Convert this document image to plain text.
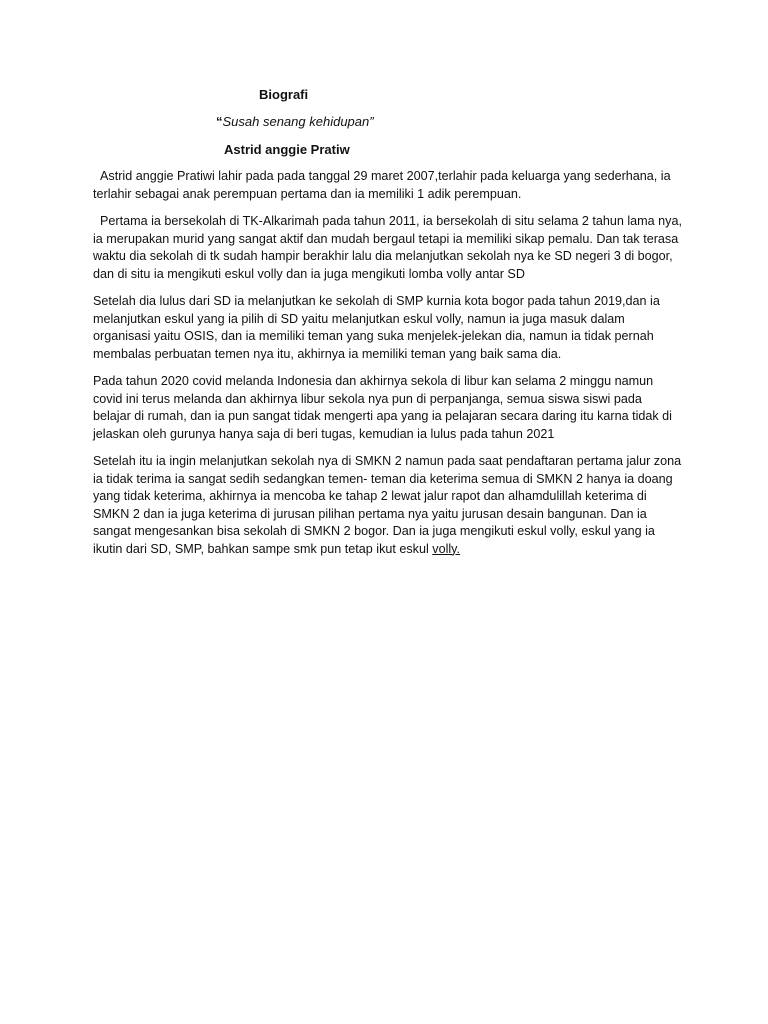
Biografi
“Susah senang kehidupan”
Astrid anggie Pratiw

Astrid anggie Pratiwi lahir pada pada tanggal 29 maret 2007,terlahir pada keluarga yang sederhana, ia terlahir sebagai anak perempuan pertama dan ia memiliki 1 adik perempuan.

Pertama ia bersekolah di TK-Alkarimah pada tahun 2011, ia bersekolah di situ selama 2 tahun lama nya, ia merupakan murid yang sangat aktif dan mudah bergaul tetapi ia memiliki sikap pemalu. Dan tak terasa waktu dia sekolah di tk sudah hampir berakhir lalu dia melanjutkan sekolah nya ke SD negeri 3 di bogor, dan di situ ia mengikuti eskul volly dan ia juga mengikuti lomba volly antar SD

Setelah dia lulus dari SD ia melanjutkan ke sekolah di SMP kurnia kota bogor pada tahun 2019,dan ia melanjutkan eskul yang ia pilih di SD yaitu melanjutkan eskul volly, namun ia juga masuk dalam organisasi yaitu OSIS, dan ia memiliki teman yang suka menjelek-jelekan dia, namun ia tidak pernah membalas perbuatan temen nya itu, akhirnya ia memiliki teman yang baik sama dia.

Pada tahun 2020 covid melanda Indonesia dan akhirnya sekola di libur kan selama 2 minggu namun covid ini terus melanda dan akhirnya libur sekola nya pun di perpanjanga, semua siswa siswi pada belajar di rumah, dan ia pun sangat tidak mengerti apa yang ia pelajaran secara daring itu karna tidak di jelaskan oleh gurunya hanya saja di beri tugas, kemudian ia lulus pada tahun 2021

Setelah itu ia ingin melanjutkan sekolah nya di SMKN 2 namun pada saat pendaftaran pertama jalur zona ia tidak terima ia sangat sedih sedangkan temen- teman dia keterima semua di SMKN 2 hanya ia doang yang tidak keterima, akhirnya ia mencoba ke tahap 2 lewat jalur rapot dan alhamdulillah keterima di SMKN 2 dan ia juga keterima di jurusan pilihan pertama nya yaitu jurusan desain bangunan. Dan ia sangat mengesankan bisa sekolah di SMKN 2 bogor. Dan ia juga mengikuti eskul volly, eskul yang ia ikutin dari SD, SMP, bahkan sampe smk pun tetap ikut eskul volly.
